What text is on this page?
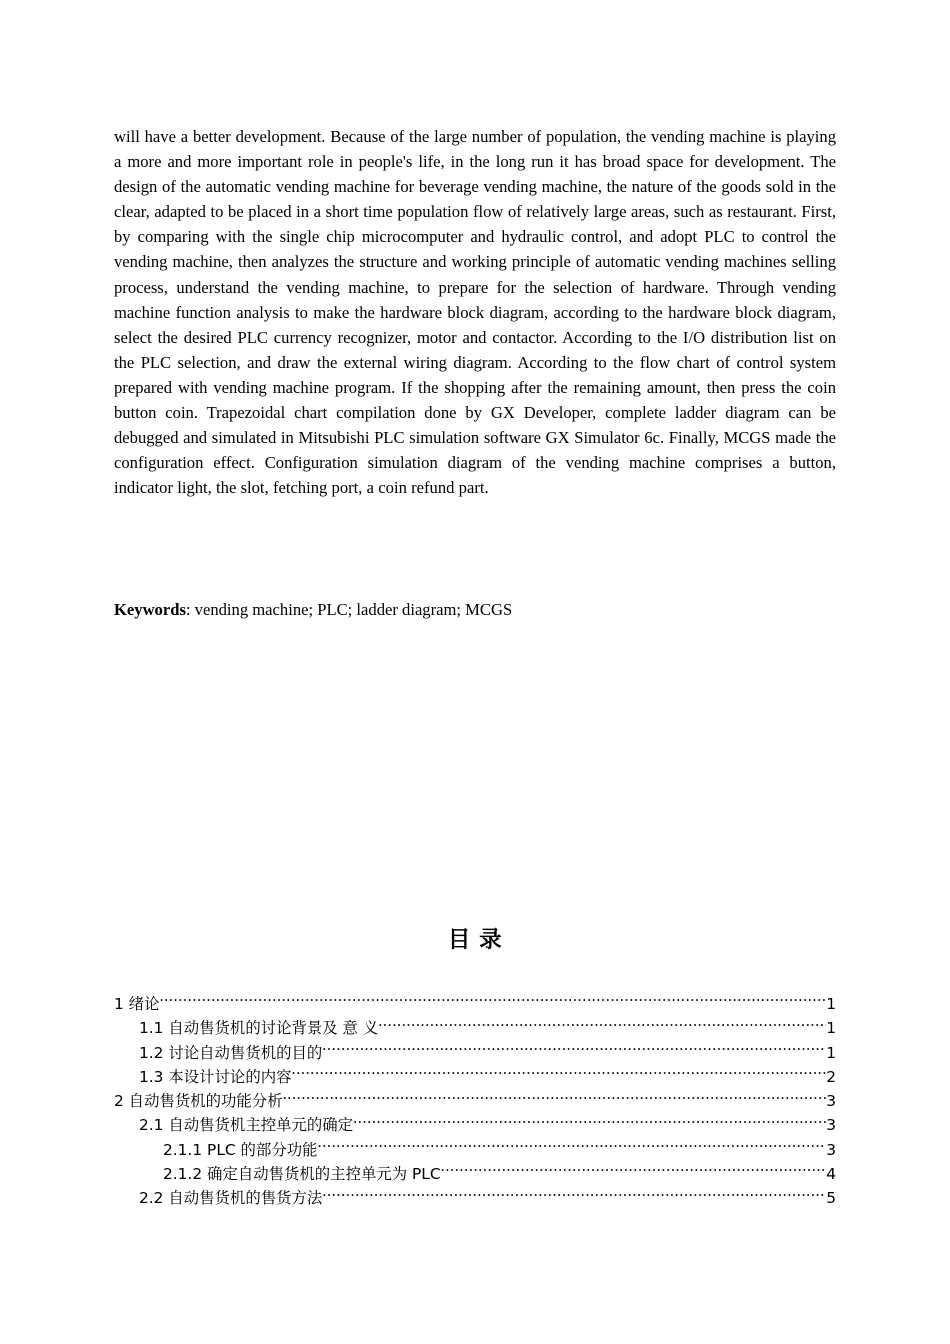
will have a better development. Because of the large number of population, the vending machine is playing a more and more important role in people's life, in the long run it has broad space for development. The design of the automatic vending machine for beverage vending machine, the nature of the goods sold in the clear, adapted to be placed in a short time population flow of relatively large areas, such as restaurant. First, by comparing with the single chip microcomputer and hydraulic control, and adopt PLC to control the vending machine, then analyzes the structure and working principle of automatic vending machines selling process, understand the vending machine, to prepare for the selection of hardware. Through vending machine function analysis to make the hardware block diagram, according to the hardware block diagram, select the desired PLC currency recognizer, motor and contactor. According to the I/O distribution list on the PLC selection, and draw the external wiring diagram. According to the flow chart of control system prepared with vending machine program. If the shopping after the remaining amount, then press the coin button coin. Trapezoidal chart compilation done by GX Developer, complete ladder diagram can be debugged and simulated in Mitsubishi PLC simulation software GX Simulator 6c. Finally, MCGS made the configuration effect. Configuration simulation diagram of the vending machine comprises a button, indicator light, the slot, fetching port, a coin refund part.

Keywords: vending machine; PLC; ladder diagram; MCGS
目 录
1 绪论 .....	1
1.1 自动售货机的讨论背景及 意 义 .....	1
1.2 讨论自动售货机的目的 .....	1
1.3 本设计讨论的内容 .....	2
2 自动售货机的功能分析 .....	3
2.1 自动售货机主控单元的确定 .....	3
2.1.1 PLC 的部分功能 .....	3
2.1.2 确定自动售货机的主控单元为 PLC .....	4
2.2 自动售货机的售货方法 .....	5
